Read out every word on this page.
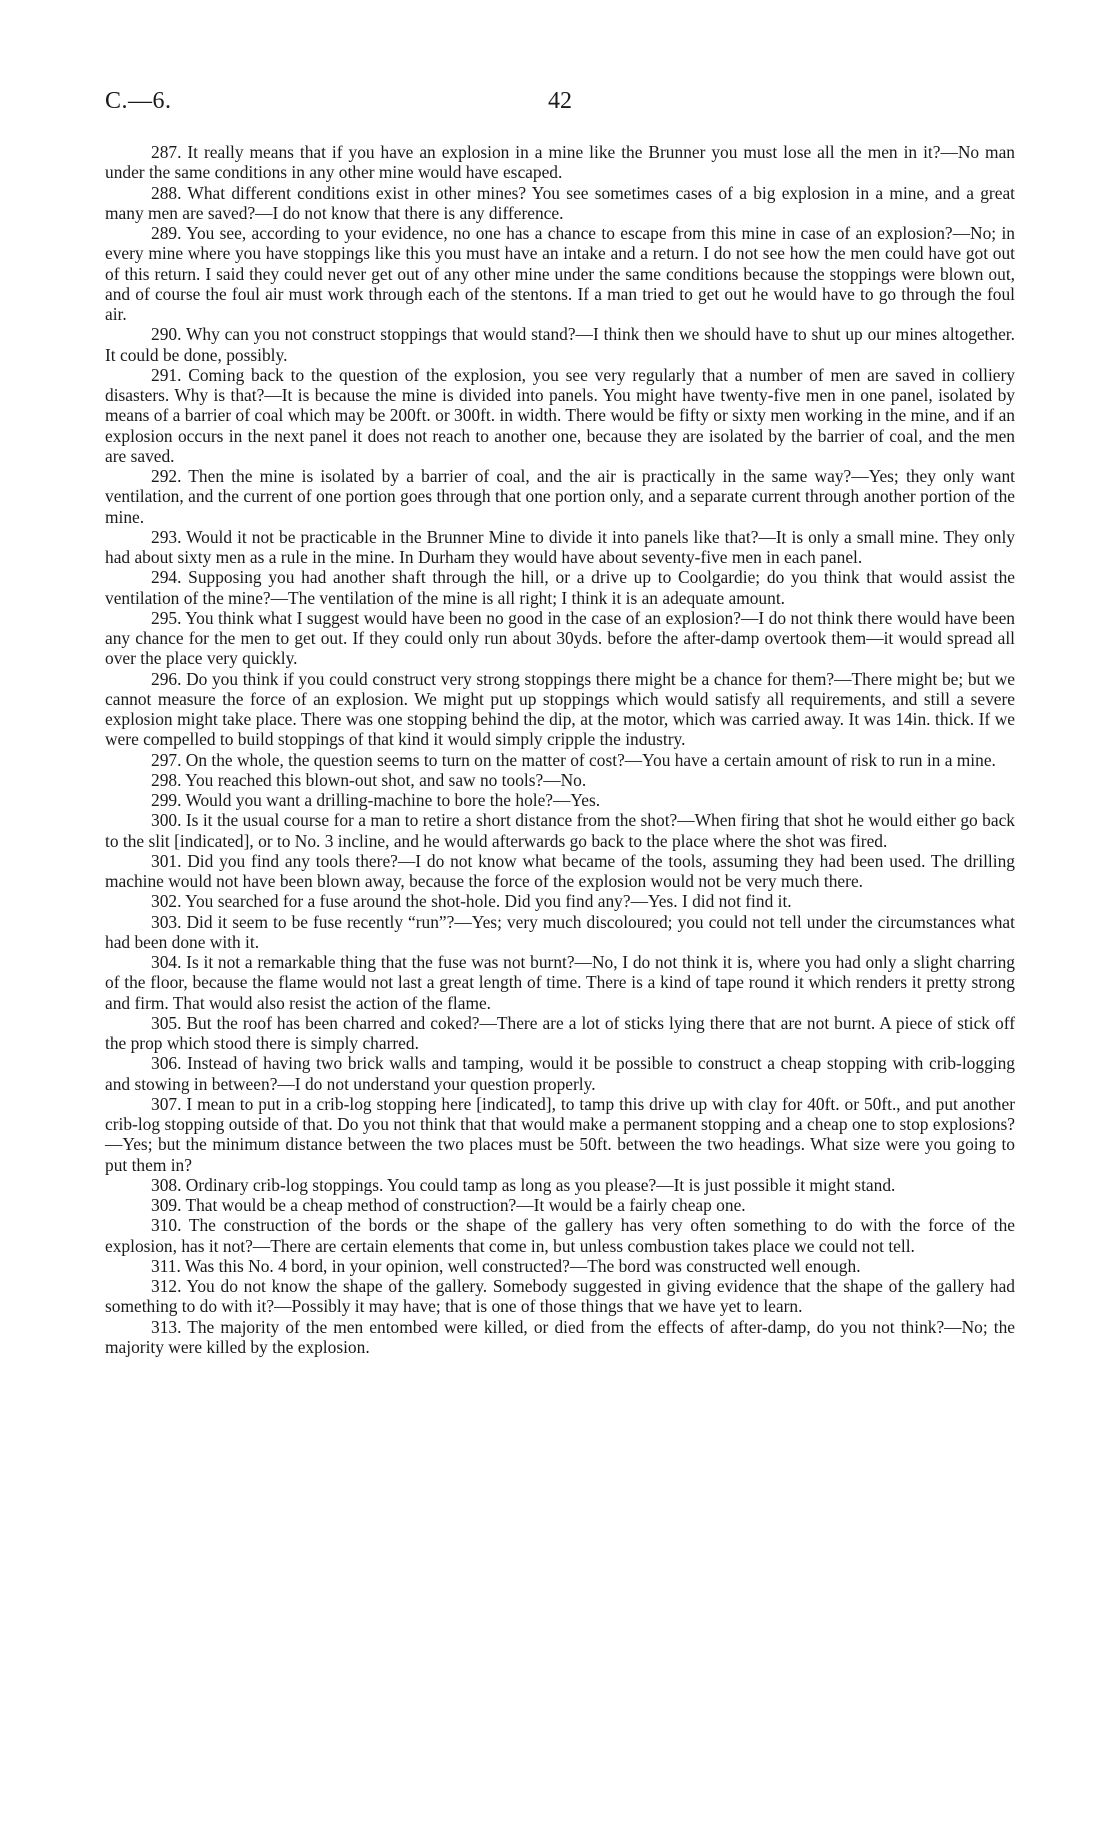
C.—6.	42

287. It really means that if you have an explosion in a mine like the Brunner you must lose all the men in it?—No man under the same conditions in any other mine would have escaped.

288. What different conditions exist in other mines? You see sometimes cases of a big explosion in a mine, and a great many men are saved?—I do not know that there is any difference.

289. You see, according to your evidence, no one has a chance to escape from this mine in case of an explosion?—No; in every mine where you have stoppings like this you must have an intake and a return. I do not see how the men could have got out of this return. I said they could never get out of any other mine under the same conditions because the stoppings were blown out, and of course the foul air must work through each of the stentons. If a man tried to get out he would have to go through the foul air.

290. Why can you not construct stoppings that would stand?—I think then we should have to shut up our mines altogether. It could be done, possibly.

291. Coming back to the question of the explosion, you see very regularly that a number of men are saved in colliery disasters. Why is that?—It is because the mine is divided into panels. You might have twenty-five men in one panel, isolated by means of a barrier of coal which may be 200ft. or 300ft. in width. There would be fifty or sixty men working in the mine, and if an explosion occurs in the next panel it does not reach to another one, because they are isolated by the barrier of coal, and the men are saved.

292. Then the mine is isolated by a barrier of coal, and the air is practically in the same way?—Yes; they only want ventilation, and the current of one portion goes through that one portion only, and a separate current through another portion of the mine.

293. Would it not be practicable in the Brunner Mine to divide it into panels like that?—It is only a small mine. They only had about sixty men as a rule in the mine. In Durham they would have about seventy-five men in each panel.

294. Supposing you had another shaft through the hill, or a drive up to Coolgardie; do you think that would assist the ventilation of the mine?—The ventilation of the mine is all right; I think it is an adequate amount.

295. You think what I suggest would have been no good in the case of an explosion?—I do not think there would have been any chance for the men to get out. If they could only run about 30yds. before the after-damp overtook them—it would spread all over the place very quickly.

296. Do you think if you could construct very strong stoppings there might be a chance for them?—There might be; but we cannot measure the force of an explosion. We might put up stoppings which would satisfy all requirements, and still a severe explosion might take place. There was one stopping behind the dip, at the motor, which was carried away. It was 14in. thick. If we were compelled to build stoppings of that kind it would simply cripple the industry.

297. On the whole, the question seems to turn on the matter of cost?—You have a certain amount of risk to run in a mine.

298. You reached this blown-out shot, and saw no tools?—No.

299. Would you want a drilling-machine to bore the hole?—Yes.

300. Is it the usual course for a man to retire a short distance from the shot?—When firing that shot he would either go back to the slit [indicated], or to No. 3 incline, and he would afterwards go back to the place where the shot was fired.

301. Did you find any tools there?—I do not know what became of the tools, assuming they had been used. The drilling machine would not have been blown away, because the force of the explosion would not be very much there.

302. You searched for a fuse around the shot-hole. Did you find any?—Yes. I did not find it.

303. Did it seem to be fuse recently “run”?—Yes; very much discoloured; you could not tell under the circumstances what had been done with it.

304. Is it not a remarkable thing that the fuse was not burnt?—No, I do not think it is, where you had only a slight charring of the floor, because the flame would not last a great length of time. There is a kind of tape round it which renders it pretty strong and firm. That would also resist the action of the flame.

305. But the roof has been charred and coked?—There are a lot of sticks lying there that are not burnt. A piece of stick off the prop which stood there is simply charred.

306. Instead of having two brick walls and tamping, would it be possible to construct a cheap stopping with crib-logging and stowing in between?—I do not understand your question properly.

307. I mean to put in a crib-log stopping here [indicated], to tamp this drive up with clay for 40ft. or 50ft., and put another crib-log stopping outside of that. Do you not think that that would make a permanent stopping and a cheap one to stop explosions?—Yes; but the minimum distance between the two places must be 50ft. between the two headings. What size were you going to put them in?

308. Ordinary crib-log stoppings. You could tamp as long as you please?—It is just possible it might stand.

309. That would be a cheap method of construction?—It would be a fairly cheap one.

310. The construction of the bords or the shape of the gallery has very often something to do with the force of the explosion, has it not?—There are certain elements that come in, but unless combustion takes place we could not tell.

311. Was this No. 4 bord, in your opinion, well constructed?—The bord was constructed well enough.

312. You do not know the shape of the gallery. Somebody suggested in giving evidence that the shape of the gallery had something to do with it?—Possibly it may have; that is one of those things that we have yet to learn.

313. The majority of the men entombed were killed, or died from the effects of after-damp, do you not think?—No; the majority were killed by the explosion.
